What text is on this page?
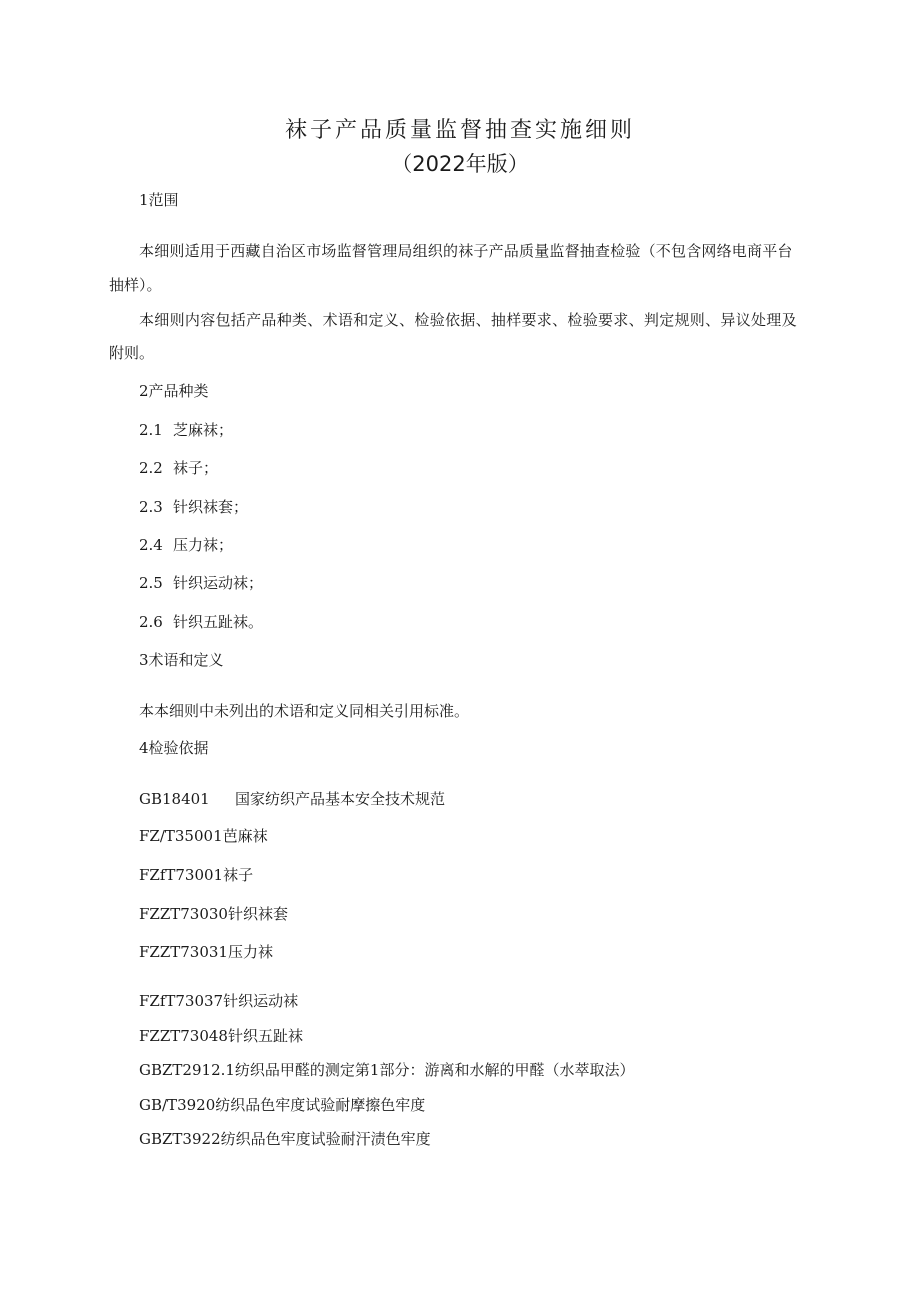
袜子产品质量监督抽查实施细则
（2022年版）
1范围
本细则适用于西藏自治区市场监督管理局组织的袜子产品质量监督抽查检验（不包含网络电商平台
抽样）。
本细则内容包括产品种类、术语和定义、检验依据、抽样要求、检验要求、判定规则、异议处理及
附则。
2产品种类
2.1 芝麻袜；
2.2 袜子；
2.3 针织袜套；
2.4 压力袜；
2.5 针织运动袜；
2.6 针织五趾袜。
3术语和定义
本本细则中未列出的术语和定义同相关引用标准。
4检验依据
GB18401 国家纺织产品基本安全技术规范
FZ/T35001芭麻袜
FZfT73001袜子
FZZT73030针织袜套
FZZT73031压力袜
FZfT73037针织运动袜
FZZT73048针织五趾袜
GBZT2912.1纺织品甲醛的测定第1部分：游离和水解的甲醛（水萃取法）
GB/T3920纺织品色牢度试验耐摩擦色牢度
GBZT3922纺织品色牢度试验耐汗渍色牢度
